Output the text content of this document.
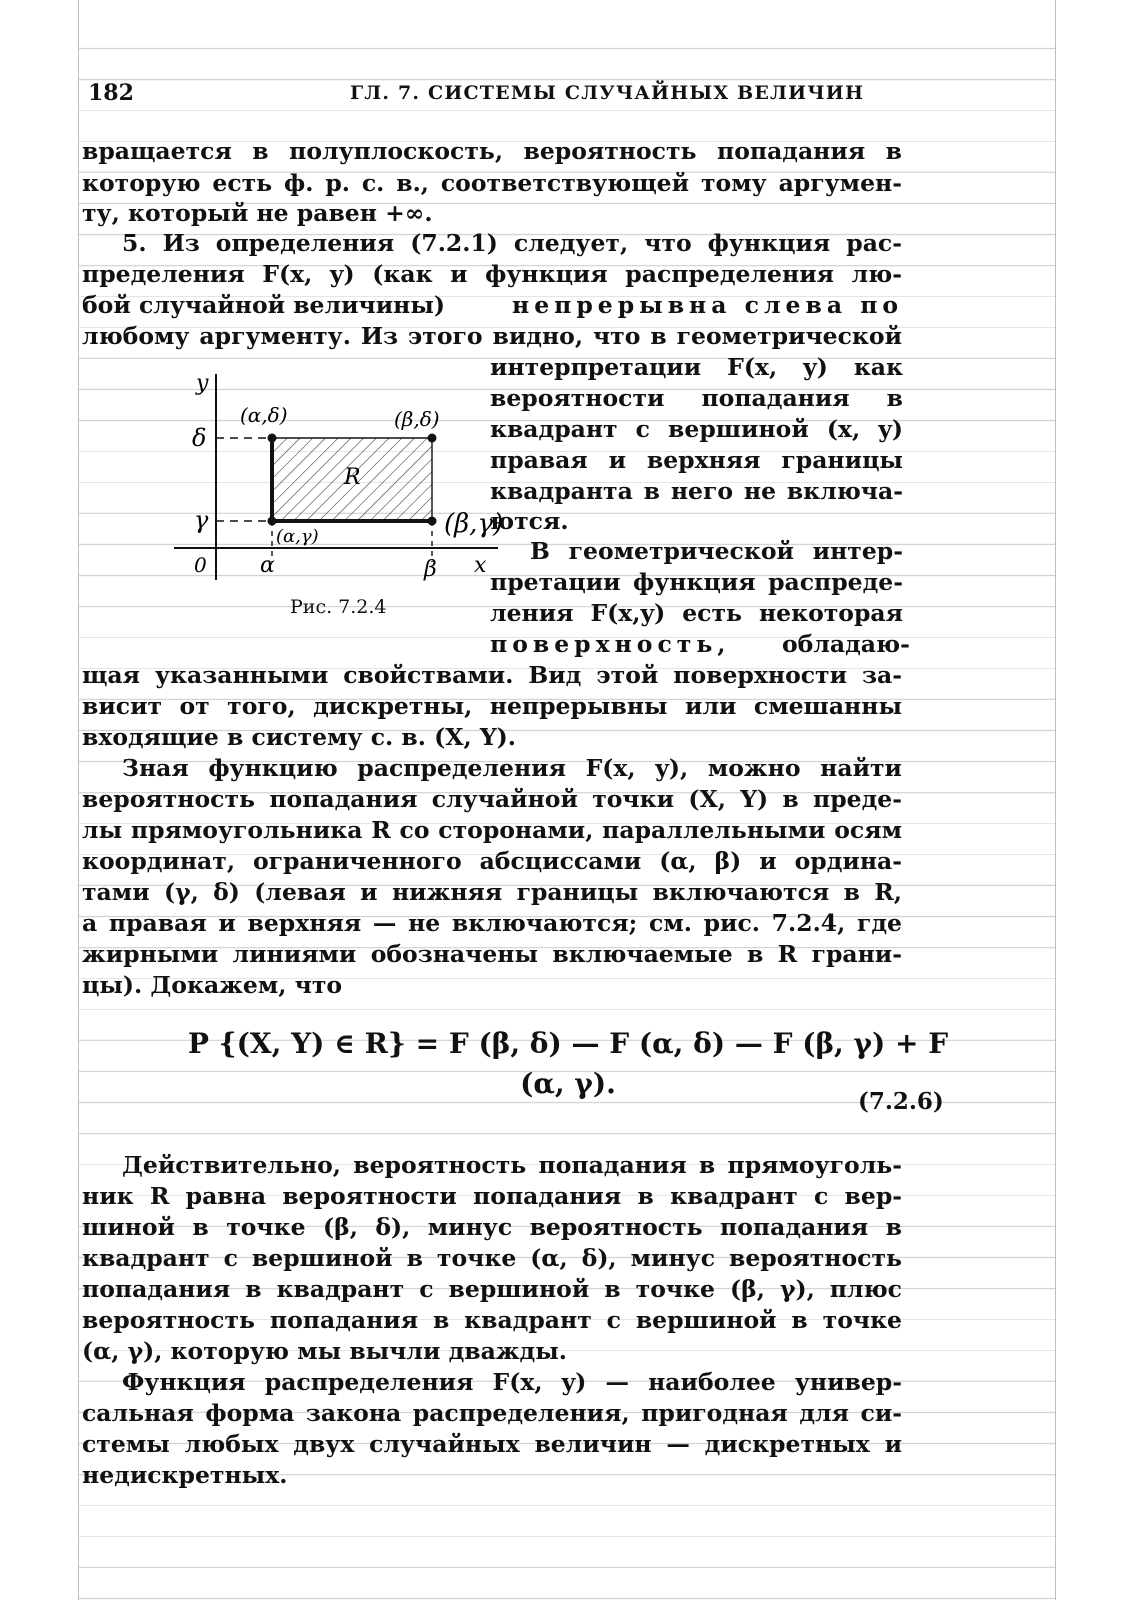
182	ГЛ. 7. СИСТЕМЫ СЛУЧАЙНЫХ ВЕЛИЧИН
вращается в полуплоскость, вероятность попадания в
которую есть ф. р. с. в., соответствующей тому аргумен-
ту, который не равен +∞.
5. Из определения (7.2.1) следует, что функция рас-
пределения F(x, y) (как и функция распределения лю-
бой случайной величины)	непрерывна слева по
любому аргументу. Из этого видно, что в геометрической
интерпретации F(x, y) как
вероятности попадания в
квадрант с вершиной (x, y)
правая и верхняя границы
квадранта в него не включа-
ются.
В геометрической интер-
претации функция распреде-
ления F(x,y) есть некоторая
поверхность, обладаю-
щая указанными свойствами. Вид этой поверхности за-
висит от того, дискретны, непрерывны или смешанны
входящие в систему с. в. (X, Y).
Зная функцию распределения F(x, y), можно найти
вероятность попадания случайной точки (X, Y) в преде-
лы прямоугольника R со сторонами, параллельными осям
координат, ограниченного абсциссами (α, β) и ордина-
тами (γ, δ) (левая и нижняя границы включаются в R,
а правая и верхняя — не включаются; см. рис. 7.2.4, где
жирными линиями обозначены включаемые в R грани-
цы). Докажем, что
Действительно, вероятность попадания в прямоуголь-
ник R равна вероятности попадания в квадрант с вер-
шиной в точке (β, δ), минус вероятность попадания в
квадрант с вершиной в точке (α, δ), минус вероятность
попадания в квадрант с вершиной в точке (β, γ), плюс
вероятность попадания в квадрант с вершиной в точке
(α, γ), которую мы вычли дважды.
Функция распределения F(x, y) — наиболее универ-
сальная форма закона распределения, пригодная для си-
стемы любых двух случайных величин — дискретных и
недискретных.
P {(X, Y) ∈ R} = F (β, δ) — F (α, δ) — F (β, γ) + F (α, γ).
(7.2.6)
y
x
0
δ
γ
α	β
R
(α,δ)	(β,δ)
(α,γ)	(β,γ)
Рис. 7.2.4
